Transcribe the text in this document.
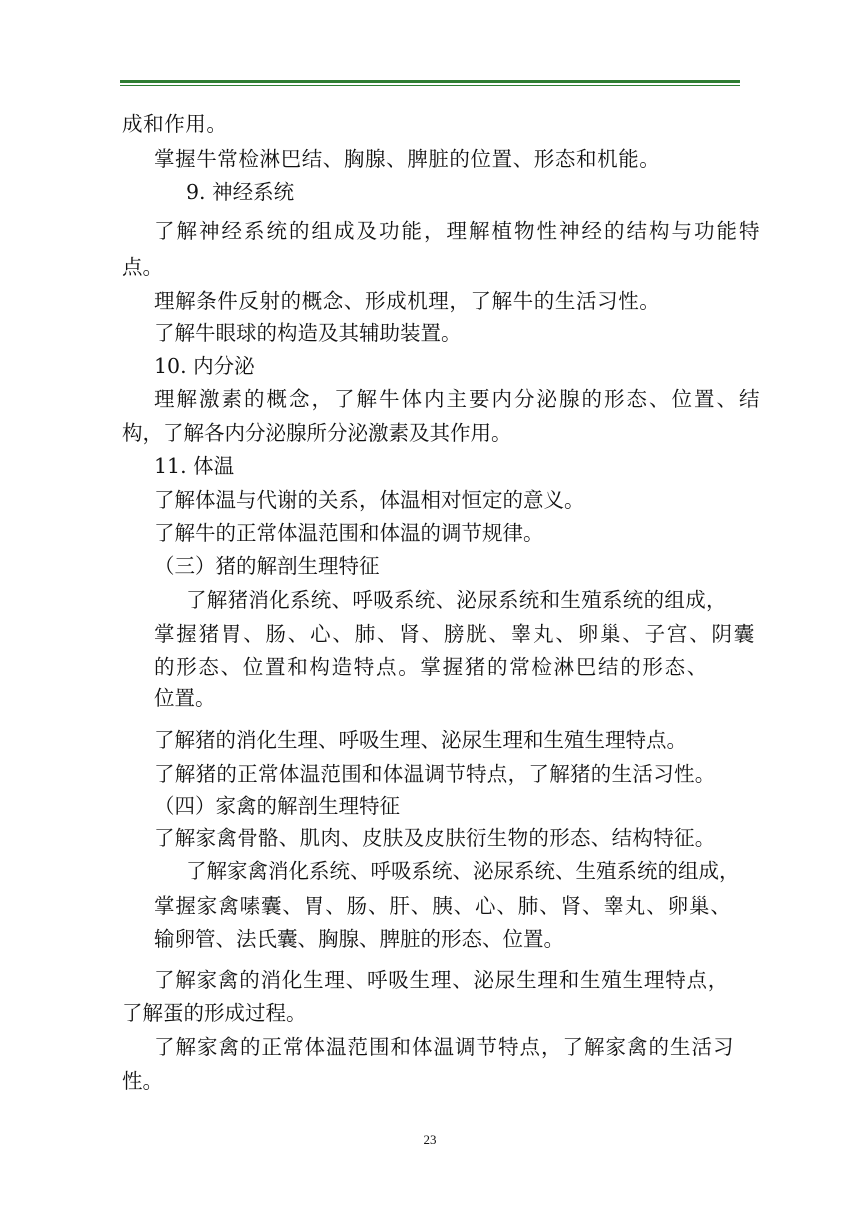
成和作用。
掌握牛常检淋巴结、胸腺、脾脏的位置、形态和机能。
9. 神经系统
了解神经系统的组成及功能，理解植物性神经的结构与功能特
点。
理解条件反射的概念、形成机理，了解牛的生活习性。
了解牛眼球的构造及其辅助装置。
10. 内分泌
理解激素的概念，了解牛体内主要内分泌腺的形态、位置、结
构，了解各内分泌腺所分泌激素及其作用。
11. 体温
了解体温与代谢的关系，体温相对恒定的意义。
了解牛的正常体温范围和体温的调节规律。
（三）猪的解剖生理特征
了解猪消化系统、呼吸系统、泌尿系统和生殖系统的组成，
掌握猪胃、肠、心、肺、肾、膀胱、睾丸、卵巢、子宫、阴囊
的形态、位置和构造特点。掌握猪的常检淋巴结的形态、
位置。
了解猪的消化生理、呼吸生理、泌尿生理和生殖生理特点。
了解猪的正常体温范围和体温调节特点，了解猪的生活习性。
（四）家禽的解剖生理特征
了解家禽骨骼、肌肉、皮肤及皮肤衍生物的形态、结构特征。
了解家禽消化系统、呼吸系统、泌尿系统、生殖系统的组成，
掌握家禽嗉囊、胃、肠、肝、胰、心、肺、肾、睾丸、卵巢、
输卵管、法氏囊、胸腺、脾脏的形态、位置。
了解家禽的消化生理、呼吸生理、泌尿生理和生殖生理特点，
了解蛋的形成过程。
了解家禽的正常体温范围和体温调节特点，了解家禽的生活习
性。
23
